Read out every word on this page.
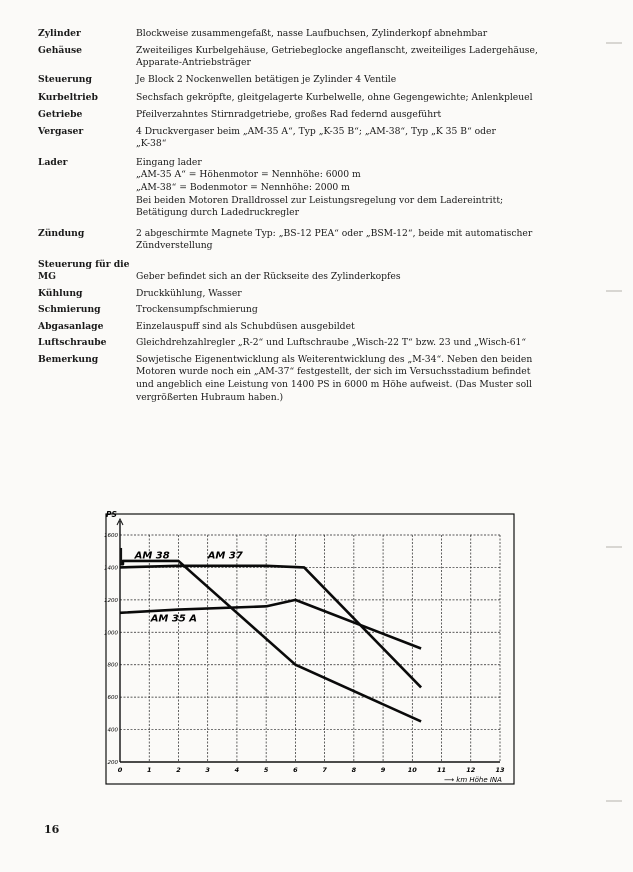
Zylinder	Blockweise zusammengefaßt, nasse Laufbuchsen, Zylinderkopf abnehmbar
Gehäuse	Zweiteiliges Kurbelgehäuse, Getriebeglocke angeflanscht, zweiteiliges Ladergehäuse,
Apparate-Antriebsträger
Steuerung	Je Block 2 Nockenwellen betätigen je Zylinder 4 Ventile
Kurbeltrieb	Sechsfach gekröpfte, gleitgelagerte Kurbelwelle, ohne Gegengewichte; Anlenkpleuel
Getriebe	Pfeilverzahntes Stirnradgetriebe, großes Rad federnd ausgeführt
Vergaser	4 Druckvergaser beim „AM-35 A“, Typ „K-35 B“; „AM-38“, Typ „K 35 B“ oder
„K-38“
Lader	Eingang lader
„AM-35 A“ = Höhenmotor = Nennhöhe: 6000 m
„AM-38“ = Bodenmotor = Nennhöhe: 2000 m
Bei beiden Motoren Dralldrossel zur Leistungsregelung vor dem Ladereintritt;
Betätigung durch Ladedruckregler
Zündung	2 abgeschirmte Magnete Typ: „BS-12 PEA“ oder „BSM-12“, beide mit automatischer
Zündverstellung
Steuerung für die MG	Geber befindet sich an der Rückseite des Zylinderkopfes
Kühlung	Druckkühlung, Wasser
Schmierung	Trockensumpfschmierung
Abgasanlage	Einzelauspuff sind als Schubdüsen ausgebildet
Luftschraube	Gleichdrehzahlregler „R-2“ und Luftschraube „Wisch-22 T“ bzw. 23 und „Wisch-61“
Bemerkung	Sowjetische Eigenentwicklung als Weiterentwicklung des „M-34“. Neben den beiden
Motoren wurde noch ein „AM-37“ festgestellt, der sich im Versuchsstadium befindet
und angeblich eine Leistung von 1400 PS in 6000 m Höhe aufweist. (Das Muster soll
vergrößerten Hubraum haben.)
0	1	2	3	4	5	6	7	8	9	10	11	12	13
200
400
600
800
1000
1200
1400
1600
PS
⟶ km Höhe INA
AM 38	AM 37
AM 35 A
16
